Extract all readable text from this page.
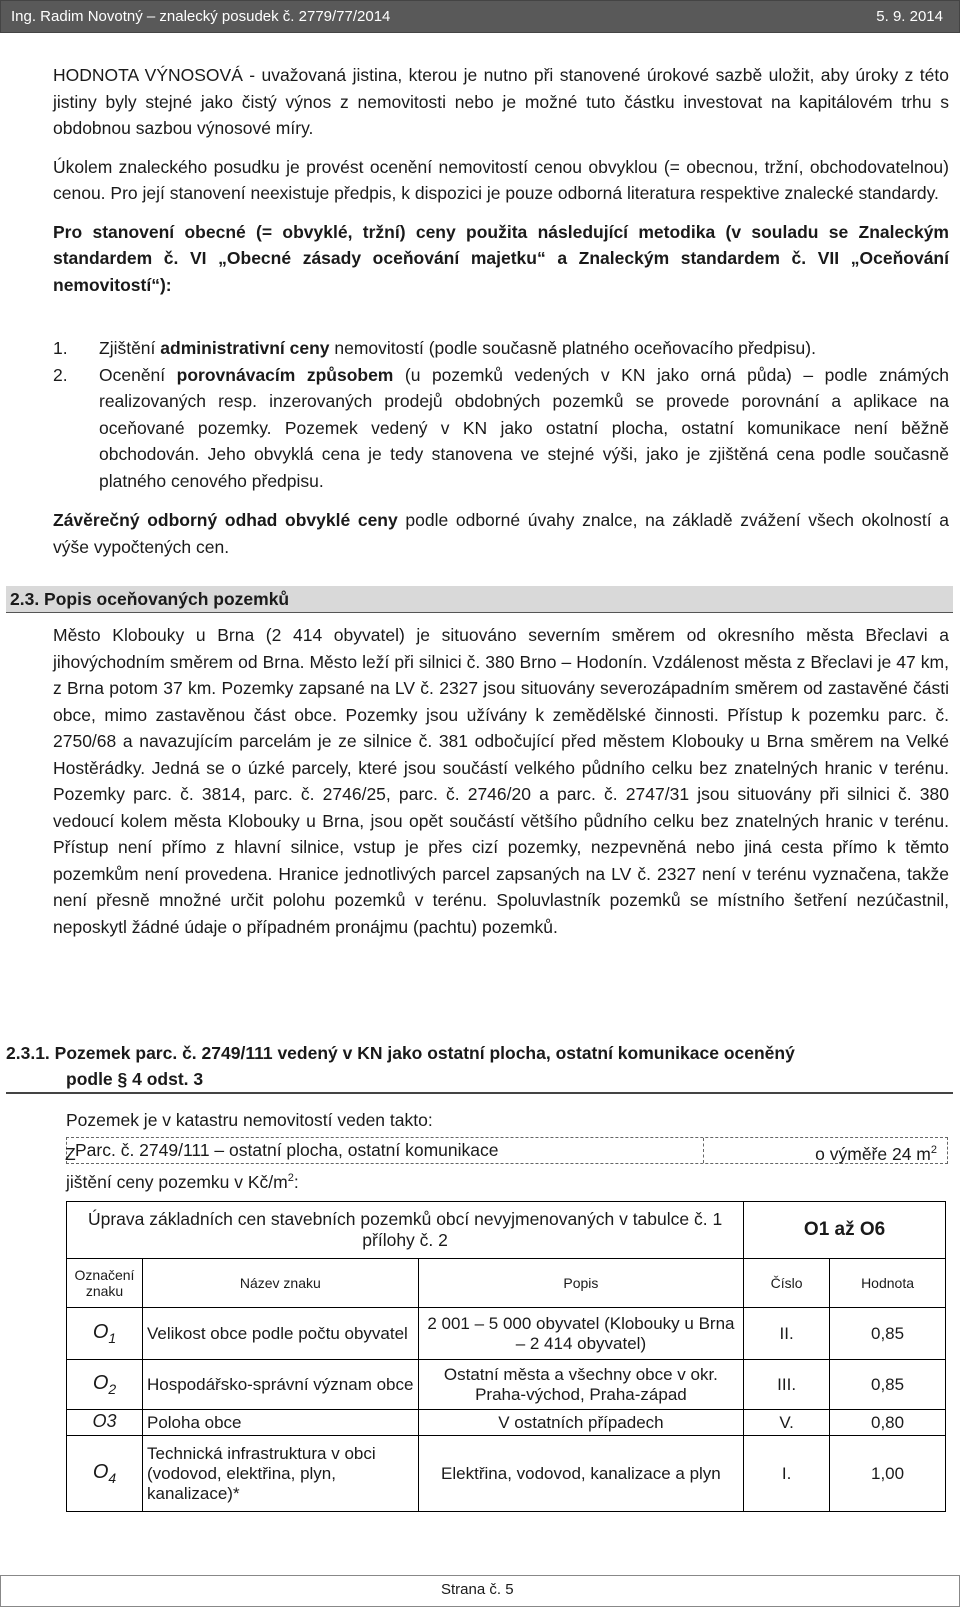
Ing. Radim Novotný – znalecký posudek č. 2779/77/2014	5. 9. 2014

HODNOTA VÝNOSOVÁ - uvažovaná jistina, kterou je nutno při stanovené úrokové sazbě uložit, aby úroky z této jistiny byly stejné jako čistý výnos z nemovitosti nebo je možné tuto částku investovat na kapitálovém trhu s obdobnou sazbou výnosové míry.

Úkolem znaleckého posudku je provést ocenění nemovitostí cenou obvyklou (= obecnou, tržní, obchodovatelnou) cenou. Pro její stanovení neexistuje předpis, k dispozici je pouze odborná literatura respektive znalecké standardy.

Pro stanovení obecné (= obvyklé, tržní) ceny použita následující metodika (v souladu se Znaleckým standardem č. VI „Obecné zásady oceňování majetku“ a Znaleckým standardem č. VII „Oceňování nemovitostí“):

1. Zjištění administrativní ceny nemovitostí (podle současně platného oceňovacího předpisu).
2. Ocenění porovnávacím způsobem (u pozemků vedených v KN jako orná půda) – podle známých realizovaných resp. inzerovaných prodejů obdobných pozemků se provede porovnání a aplikace na oceňované pozemky. Pozemek vedený v KN jako ostatní plocha, ostatní komunikace není běžně obchodován. Jeho obvyklá cena je tedy stanovena ve stejné výši, jako je zjištěná cena podle současně platného cenového předpisu.

Závěrečný odborný odhad obvyklé ceny podle odborné úvahy znalce, na základě zvážení všech okolností a výše vypočtených cen.

2.3. Popis oceňovaných pozemků

Město Klobouky u Brna (2 414 obyvatel) je situováno severním směrem od okresního města Břeclavi a jihovýchodním směrem od Brna. Město leží při silnici č. 380 Brno – Hodonín. Vzdálenost města z Břeclavi je 47 km, z Brna potom 37 km. Pozemky zapsané na LV č. 2327 jsou situovány severozápadním směrem od zastavěné části obce, mimo zastavěnou část obce. Pozemky jsou užívány k zemědělské činnosti. Přístup k pozemku parc. č. 2750/68 a navazujícím parcelám je ze silnice č. 381 odbočující před městem Klobouky u Brna směrem na Velké Hostěrádky. Jedná se o úzké parcely, které jsou součástí velkého půdního celku bez znatelných hranic v terénu. Pozemky parc. č. 3814, parc. č. 2746/25, parc. č. 2746/20 a parc. č. 2747/31 jsou situovány při silnici č. 380 vedoucí kolem města Klobouky u Brna, jsou opět součástí většího půdního celku bez znatelných hranic v terénu. Přístup není přímo z hlavní silnice, vstup je přes cizí pozemky, nezpevněná nebo jiná cesta přímo k těmto pozemkům není provedena. Hranice jednotlivých parcel zapsaných na LV č. 2327 není v terénu vyznačena, takže není přesně množné určit polohu pozemků v terénu. Spoluvlastník pozemků se místního šetření nezúčastnil, neposkytl žádné údaje o případném pronájmu (pachtu) pozemků.

2.3.1. Pozemek parc. č. 2749/111 vedený v KN jako ostatní plocha, ostatní komunikace oceněný
podle § 4 odst. 3
Pozemek je v katastru nemovitostí veden takto:
Z Parc. č. 2749/111 – ostatní plocha, ostatní komunikace	o výměře 24 $m^2$
jištění ceny pozemku v $Kč/m^2$:
Úprava základních cen stavebních pozemků obcí nevyjmenovaných v tabulce č. 1 přílohy č. 2			O1 až O6	
Označení znaku	Název znaku	Popis	Číslo	Hodnota
$O_1$	Velikost obce podle počtu obyvatel	2 001 – 5 000 obyvatel (Klobouky u Brna – 2 414 obyvatel)	II.	0,85
$O_2$	Hospodářsko-správní význam obce	Ostatní města a všechny obce v okr. Praha-východ, Praha-západ	III.	0,85
O3	Poloha obce	V ostatních případech	V.	0,80
$O_4$	Technická infrastruktura v obci (vodovod, elektřina, plyn, kanalizace)*	Elektřina, vodovod, kanalizace a plyn	I.	1,00
Strana č. 5
